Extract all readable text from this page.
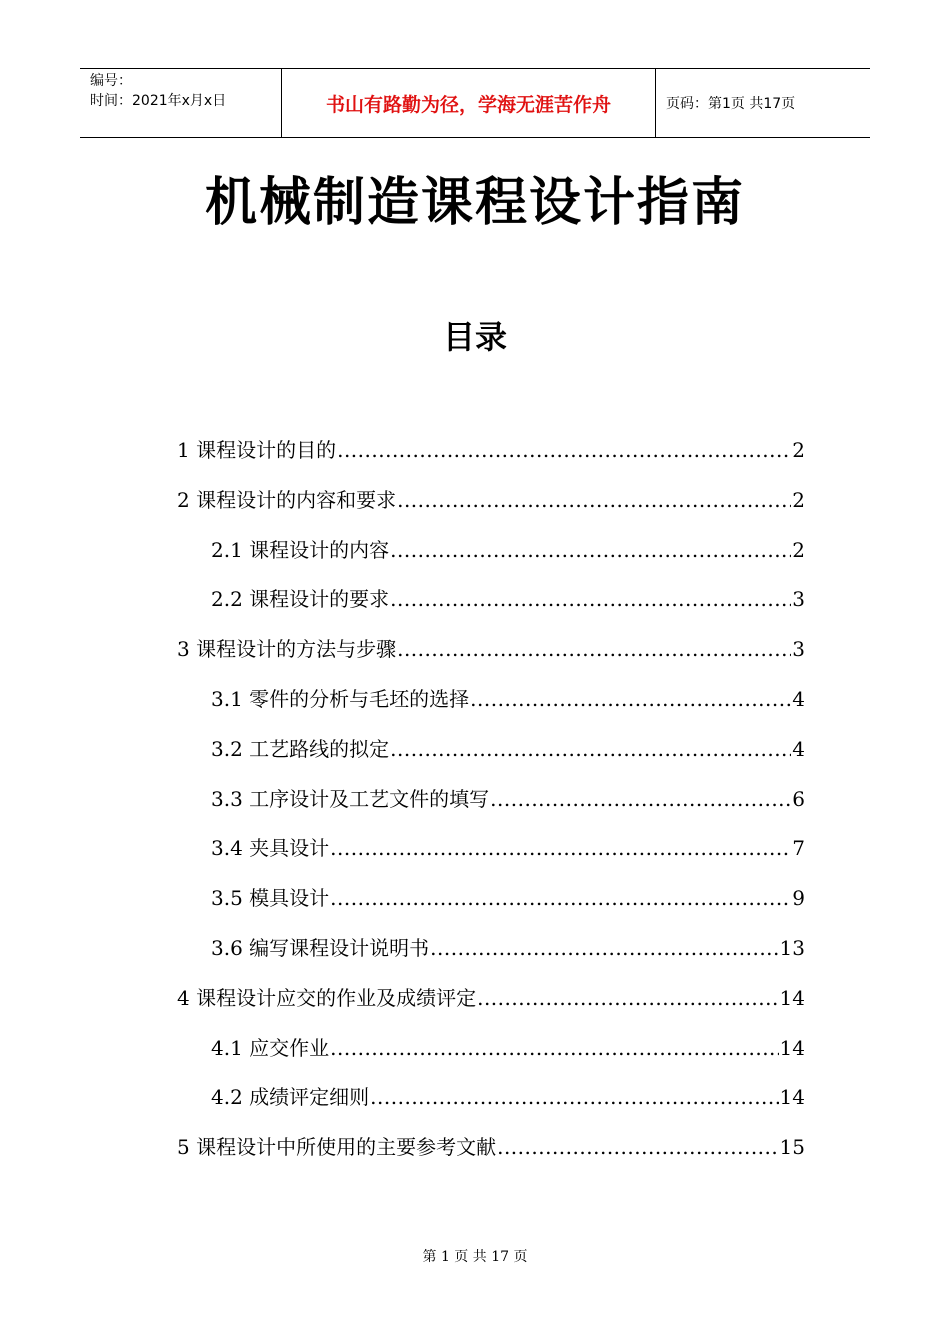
编号：
时间：2021年x月x日	书山有路勤为径，学海无涯苦作舟	页码：第1页 共17页
机械制造课程设计指南
目录
1 课程设计的目的 .....	2
2 课程设计的内容和要求 .....	2
2.1 课程设计的内容 .....	2
2.2 课程设计的要求 .....	3
3 课程设计的方法与步骤 .....	3
3.1 零件的分析与毛坯的选择 .....	4
3.2 工艺路线的拟定 .....	4
3.3 工序设计及工艺文件的填写 .....	6
3.4 夹具设计 .....	7
3.5 模具设计 .....	9
3.6 编写课程设计说明书 .....	13
4 课程设计应交的作业及成绩评定 .....	14
4.1 应交作业 .....	14
4.2 成绩评定细则 .....	14
5 课程设计中所使用的主要参考文献 .....	15
第 1 页 共 17 页
